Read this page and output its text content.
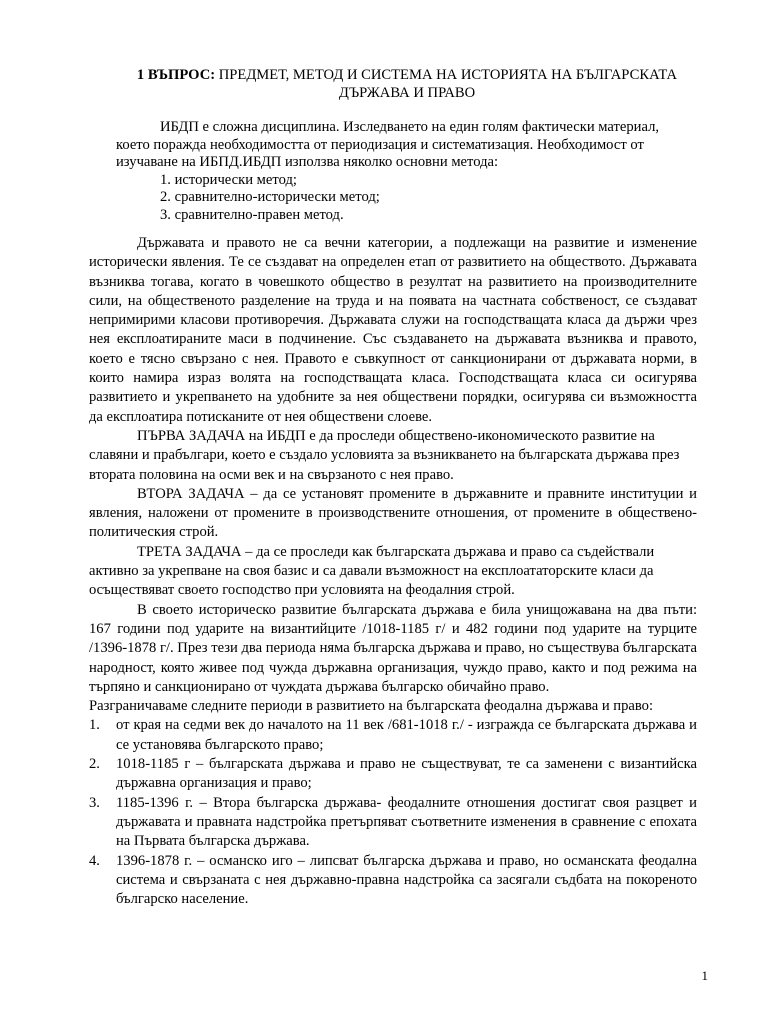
1 ВЪПРОС: ПРЕДМЕТ, МЕТОД И СИСТЕМА НА ИСТОРИЯТА НА БЪЛГАРСКАТА ДЪРЖАВА И ПРАВО

ИБДП е сложна дисциплина. Изследването на един голям фактически материал, което поражда необходимостта от периодизация и систематизация. Необходимост от изучаване на ИБПД.ИБДП използва няколко основни метода:

1. исторически метод;

2. сравнително-исторически метод;

3. сравнително-правен метод.

Държавата и правото не са вечни категории, а подлежащи на развитие и изменение исторически явления. Те се създават на определен етап от развитието на обществото. Държавата възниква тогава, когато в човешкото общество в резултат на развитието на производителните сили, на общественото разделение на труда и на появата на частната собственост, се създават непримирими класови противоречия. Държавата служи на господстващата класа да държи чрез нея експлоатираните маси в подчинение. Със създаването на държавата възниква и правото, което е тясно свързано с нея. Правото е съвкупност от санкционирани от държавата норми, в които намира израз волята на господстващата класа. Господстващата класа си осигурява развитието и укрепването на удобните за нея обществени порядки, осигурява си възможността да експлоатира потисканите от нея обществени слоеве.

ПЪРВА ЗАДАЧА на ИБДП е да проследи обществено-икономическото развитие на славяни и прабългари, което е създало условията за възникването на българската държава през втората половина на осми век и на свързаното с нея право.

ВТОРА ЗАДАЧА – да се установят промените в държавните и правните институции и явления, наложени от промените в производствените отношения, от промените в обществено-политическия строй.

ТРЕТА ЗАДАЧА – да се проследи как българската държава и право са съдействали активно за укрепване на своя базис и са давали възможност на експлоататорските класи да осъществяват своето господство при условията на феодалния строй.

В своето историческо развитие българската държава е била унищожавана на два пъти: 167 години под ударите на византийците /1018-1185 г/ и 482 години под ударите на турците /1396-1878 г/. През тези два периода няма българска държава и право, но съществува българската народност, която живее под чужда държавна организация, чуждо право, както и под режима на търпяно и санкционирано от чуждата държава българско обичайно право.

Разграничаваме следните периоди в развитието на българската феодална държава и право:

1. от края на седми век до началото на 11 век /681-1018 г./ - изгражда се българската държава и се установява българското право;
2. 1018-1185 г – българската държава и право не съществуват, те са заменени с византийска държавна организация и право;
3. 1185-1396 г. – Втора българска държава- феодалните отношения достигат своя разцвет и държавата и правната надстройка претърпяват съответните изменения в сравнение с епохата на Първата българска държава.
4. 1396-1878 г. – османско иго – липсват българска държава и право, но османската феодална система и свързаната с нея държавно-правна надстройка са засягали съдбата на покореното българско население.
1
